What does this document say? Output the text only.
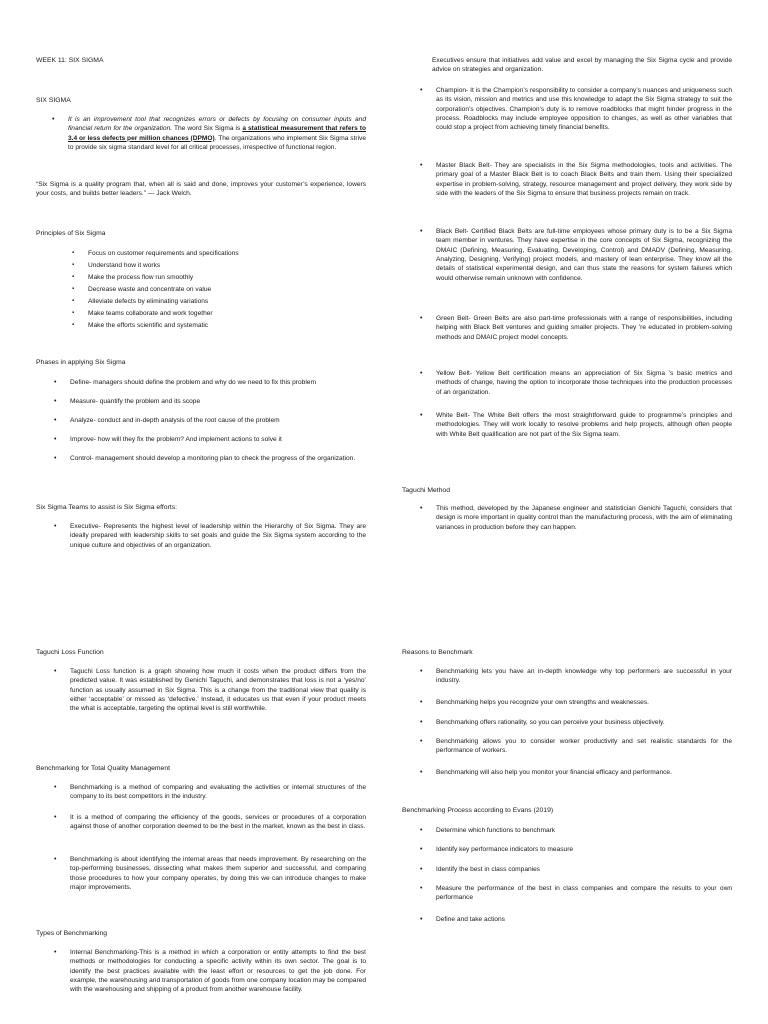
WEEK 11: SIX SIGMA
SIX SIGMA
• It is an improvement tool that recognizes errors or defects by focusing on consumer inputs and financial return for the organization. The word Six Sigma is a statistical measurement that refers to 3.4 or less defects per million chances (DPMO). The organizations who implement Six Sigma strive to provide six sigma standard level for all critical processes, irrespective of functional region.
“Six Sigma is a quality program that, when all is said and done, improves your customer’s experience, lowers your costs, and builds better leaders.” — Jack Welch.
Principles of Six Sigma
▪ Focus on customer requirements and specifications
▪ Understand how it works
▪ Make the process flow run smoothly
▪ Decrease waste and concentrate on value
▪ Alleviate defects by eliminating variations
▪ Make teams collaborate and work together
▪ Make the efforts scientific and systematic
Phases in applying Six Sigma
• Define- managers should define the problem and why do we need to fix this problem
• Measure- quantify the problem and its scope
• Analyze- conduct and in-depth analysis of the root cause of the problem
• Improve- how will they fix the problem? And implement actions to solve it
• Control- management should develop a monitoring plan to check the progress of the organization.
Six Sigma Teams to assist is Six Sigma efforts:
• Executive- Represents the highest level of leadership within the Hierarchy of Six Sigma. They are ideally prepared with leadership skills to set goals and guide the Six Sigma system according to the unique culture and objectives of an organization.
Executives ensure that initiatives add value and excel by managing the Six Sigma cycle and provide advice on strategies and organization.
• Champion- It is the Champion’s responsibility to consider a company’s nuances and uniqueness such as its vision, mission and metrics and use this knowledge to adapt the Six Sigma strategy to suit the corporation’s objectives. Champion’s duty is to remove roadblocks that might hinder progress in the process. Roadblocks may include employee opposition to changes, as well as other variables that could stop a project from achieving timely financial benefits.
• Master Black Belt- They are specialists in the Six Sigma methodologies, tools and activities. The primary goal of a Master Black Belt is to coach Black Belts and train them. Using their specialized expertise in problem-solving, strategy, resource management and project delivery, they work side by side with the leaders of the Six Sigma to ensure that business projects remain on track.
• Black Belt- Certified Black Belts are full-time employees whose primary duty is to be a Six Sigma team member in ventures. They have expertise in the core concepts of Six Sigma, recognizing the DMAIC (Defining, Measuring, Evaluating, Developing, Control) and DMADV (Defining, Measuring, Analyzing, Designing, Verifying) project models, and mastery of lean enterprise. They know all the details of statistical experimental design, and can thus state the reasons for system failures which would otherwise remain unknown with confidence.
• Green Belt- Green Belts are also part-time professionals with a range of responsibilities, including helping with Black Belt ventures and guiding smaller projects. They ’re educated in problem-solving methods and DMAIC project model concepts.
• Yellow Belt- Yellow Belt certification means an appreciation of Six Sigma ’s basic metrics and methods of change, having the option to incorporate those techniques into the production processes of an organization.
• White Belt- The White Belt offers the most straightforward guide to programme’s principles and methodologies. They will work locally to resolve problems and help projects, although often people with White Belt qualification are not part of the Six Sigma team.
Taguchi Method
• This method, developed by the Japanese engineer and statistician Genichi Taguchi, considers that design is more important in quality control than the manufacturing process, with the aim of eliminating variances in production before they can happen.
Taguchi Loss Function
• Taguchi Loss function is a graph showing how much it costs when the product differs from the predicted value. It was established by Genichi Taguchi, and demonstrates that loss is not a ‘yes/no’ function as usually assumed in Six Sigma. This is a change from the traditional view that quality is either ‘acceptable’ or missed as ‘defective.’ Instead, it educates us that even if your product meets the what is acceptable, targeting the optimal level is still worthwhile.
Benchmarking for Total Quality Management
• Benchmarking is a method of comparing and evaluating the activities or internal structures of the company to its best competitors in the industry.
• It is a method of comparing the efficiency of the goods, services or procedures of a corporation against those of another corporation deemed to be the best in the market, known as the best in class.
• Benchmarking is about identifying the internal areas that needs improvement. By researching on the top-performing businesses, dissecting what makes them superior and successful, and comparing those procedures to how your company operates, by doing this we can introduce changes to make major improvements.
Types of Benchmarking
• Internal Benchmarking-This is a method in which a corporation or entity attempts to find the best methods or methodologies for conducting a specific activity within its own sector. The goal is to identify the best practices available with the least effort or resources to get the job done. For example, the warehousing and transportation of goods from one company location may be compared with the warehousing and shipping of a product from another warehouse facility.
Reasons to Benchmark
• Benchmarking lets you have an in-depth knowledge why top performers are successful in your industry.
• Benchmarking helps you recognize your own strengths and weaknesses.
• Benchmarking offers rationality, so you can perceive your business objectively.
• Benchmarking allows you to consider worker productivity and set realistic standards for the performance of workers.
• Benchmarking will also help you monitor your financial efficacy and performance.
Benchmarking Process according to Evans (2019)
• Determine which functions to benchmark
• Identify key performance indicators to measure
• Identify the best in class companies
• Measure the performance of the best in class companies and compare the results to your own performance
• Define and take actions
